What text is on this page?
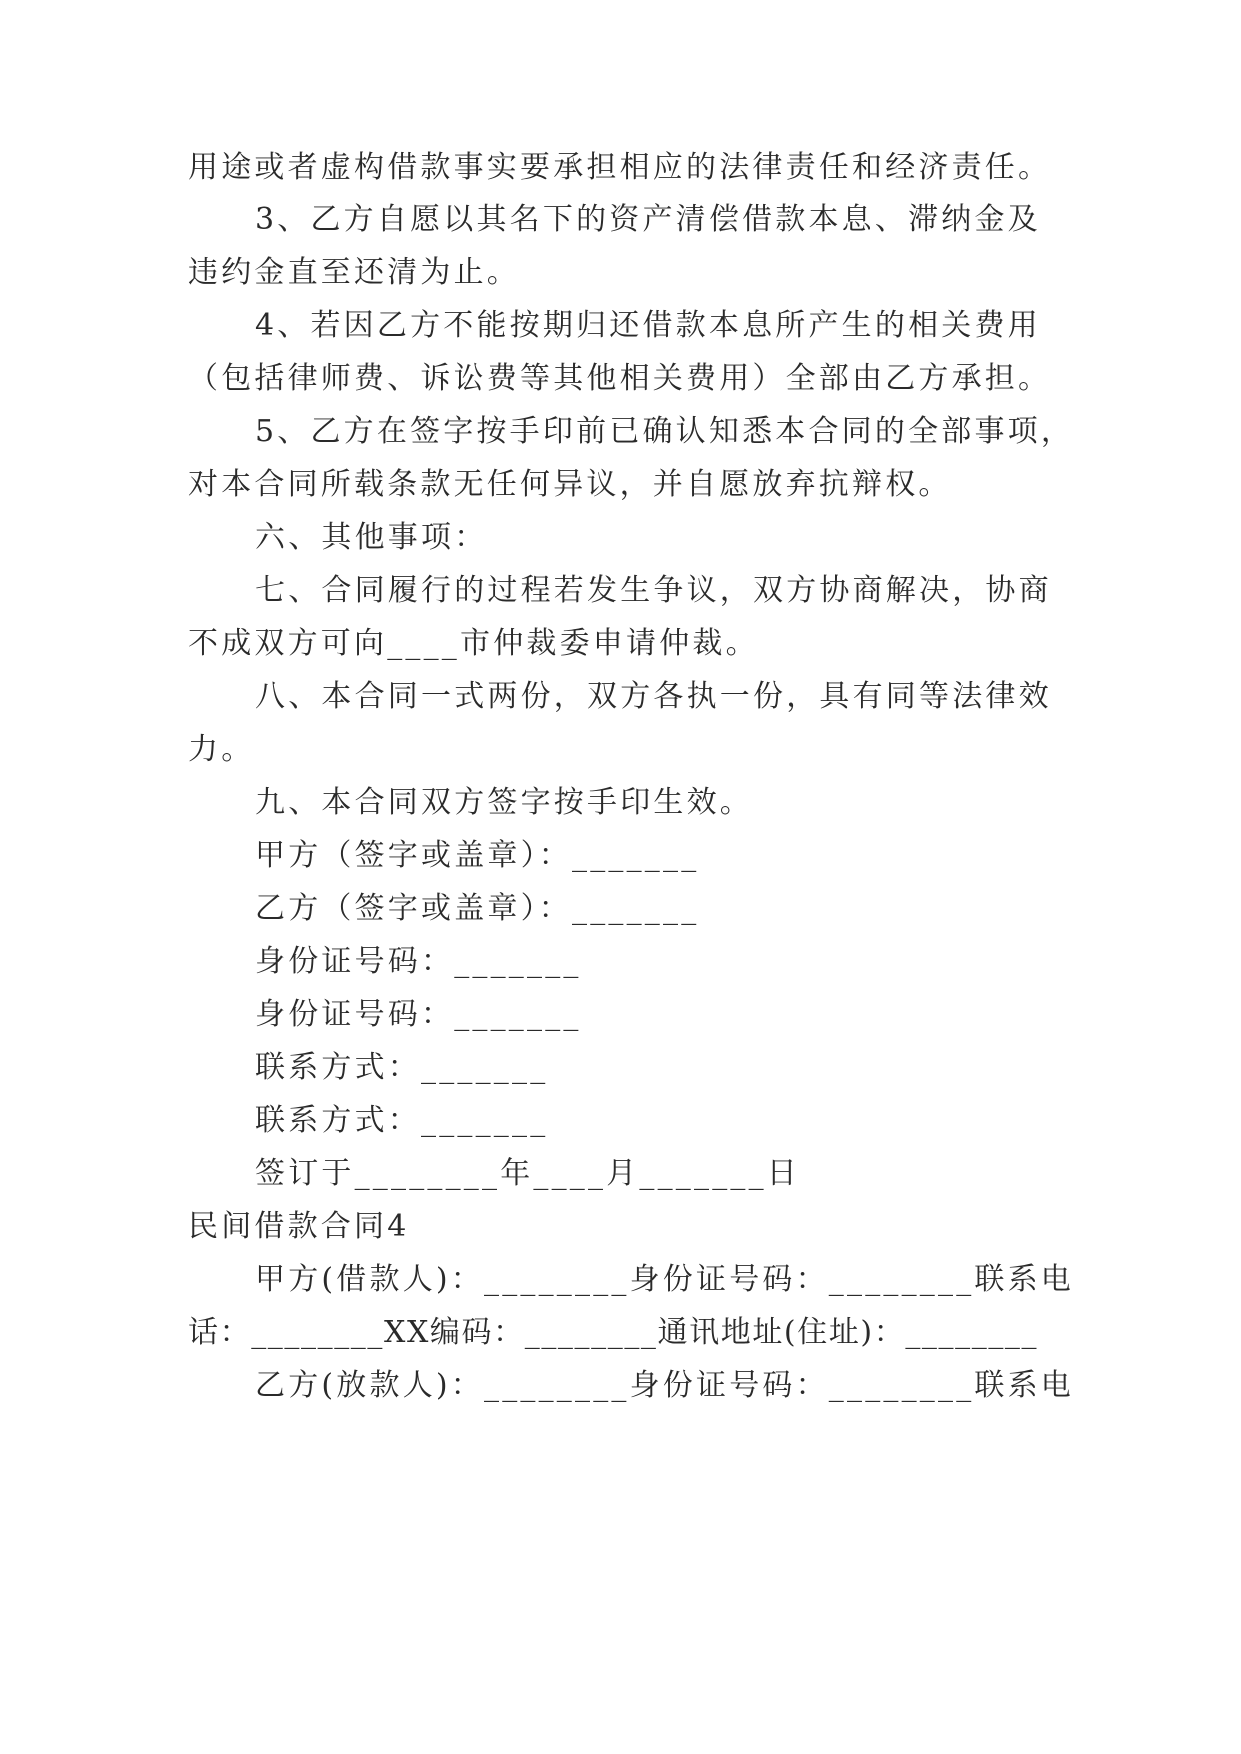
用途或者虚构借款事实要承担相应的法律责任和经济责任。
3、乙方自愿以其名下的资产清偿借款本息、滞纳金及
违约金直至还清为止。
4、若因乙方不能按期归还借款本息所产生的相关费用
（包括律师费、诉讼费等其他相关费用）全部由乙方承担。
5、乙方在签字按手印前已确认知悉本合同的全部事项，
对本合同所载条款无任何异议，并自愿放弃抗辩权。
六、其他事项：
七、合同履行的过程若发生争议，双方协商解决，协商
不成双方可向____市仲裁委申请仲裁。
八、本合同一式两份，双方各执一份，具有同等法律效
力。
九、本合同双方签字按手印生效。
甲方（签字或盖章）：_______
乙方（签字或盖章）：_______
身份证号码：_______
身份证号码：_______
联系方式：_______
联系方式：_______
签订于________年____月_______日
民间借款合同4
甲方(借款人)：________身份证号码：________联系电
话：________XX编码：________通讯地址(住址)：________
乙方(放款人)：________身份证号码：________联系电
